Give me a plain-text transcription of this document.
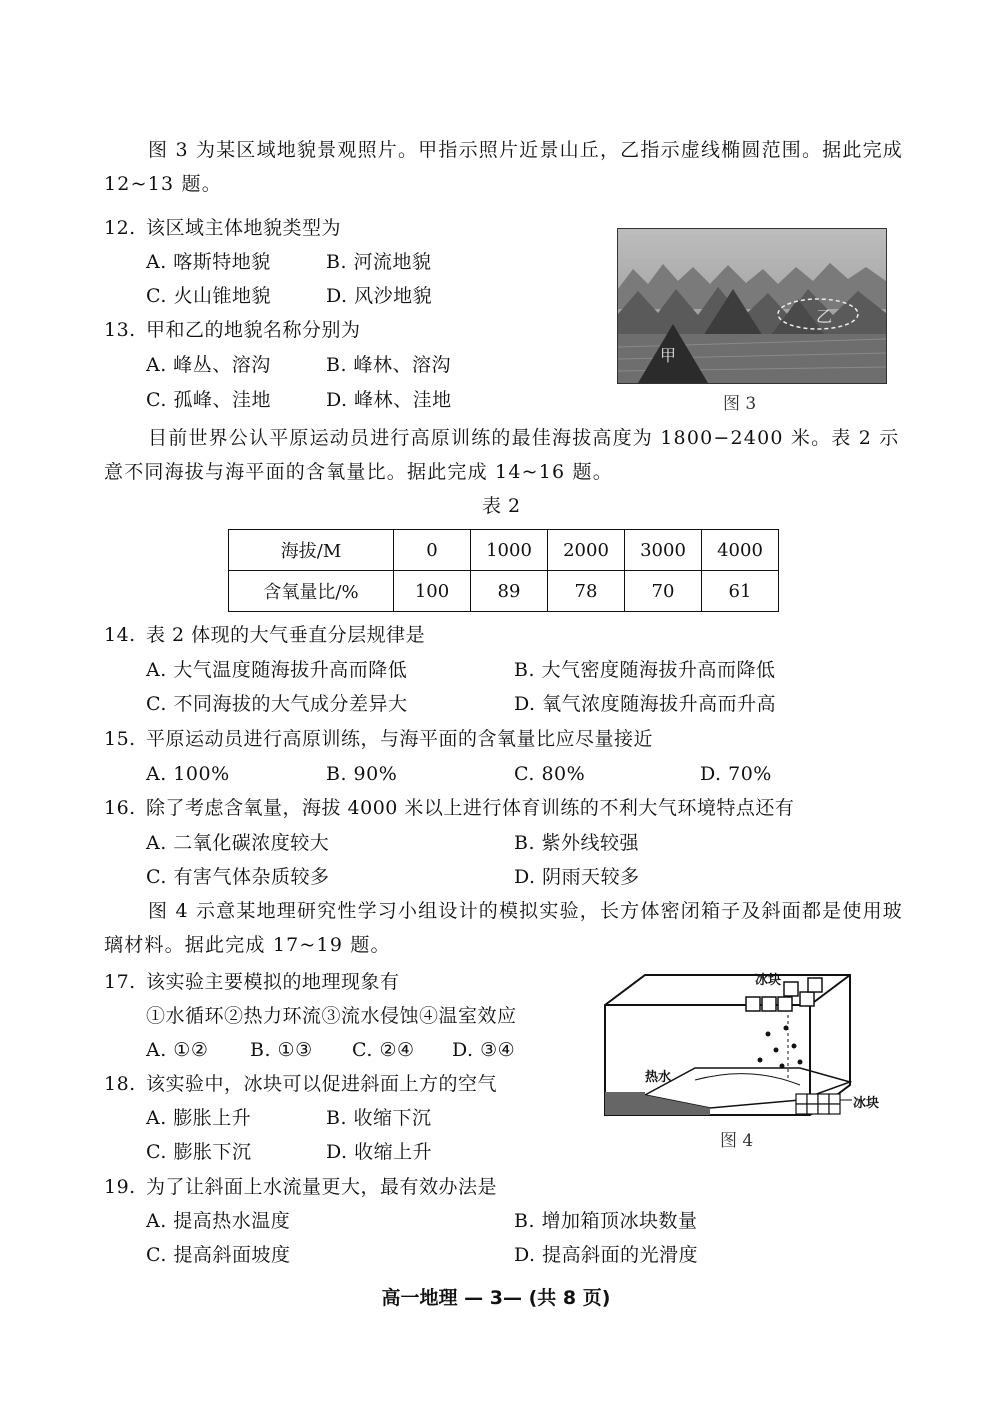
图 3 为某区域地貌景观照片。甲指示照片近景山丘，乙指示虚线椭圆范围。据此完成 12~13 题。
12. 该区域主体地貌类型为
A. 喀斯特地貌	B. 河流地貌
C. 火山锥地貌	D. 风沙地貌
13. 甲和乙的地貌名称分别为
A. 峰丛、溶沟	B. 峰林、溶沟
C. 孤峰、洼地	D. 峰林、洼地
甲
乙
图 3
目前世界公认平原运动员进行高原训练的最佳海拔高度为 1800−2400 米。表 2 示意不同海拔与海平面的含氧量比。据此完成 14~16 题。
表 2
海拔/M	0	1000	2000	3000	4000
含氧量比/%	100	89	78	70	61
14. 表 2 体现的大气垂直分层规律是
A. 大气温度随海拔升高而降低	B. 大气密度随海拔升高而降低
C. 不同海拔的大气成分差异大	D. 氧气浓度随海拔升高而升高
15. 平原运动员进行高原训练，与海平面的含氧量比应尽量接近
A. 100%	B. 90%	C. 80%	D. 70%
16. 除了考虑含氧量，海拔 4000 米以上进行体育训练的不利大气环境特点还有
A. 二氧化碳浓度较大	B. 紫外线较强
C. 有害气体杂质较多	D. 阴雨天较多
图 4 示意某地理研究性学习小组设计的模拟实验，长方体密闭箱子及斜面都是使用玻璃材料。据此完成 17~19 题。
17. 该实验主要模拟的地理现象有
①水循环②热力环流③流水侵蚀④温室效应
A. ①② B. ①③ C. ②④ D. ③④
18. 该实验中，冰块可以促进斜面上方的空气
A. 膨胀上升	B. 收缩下沉
C. 膨胀下沉	D. 收缩上升
冰块
冰块
热水
图 4
19. 为了让斜面上水流量更大，最有效办法是
A. 提高热水温度	B. 增加箱顶冰块数量
C. 提高斜面坡度	D. 提高斜面的光滑度
高一地理 — 3— (共 8 页)
